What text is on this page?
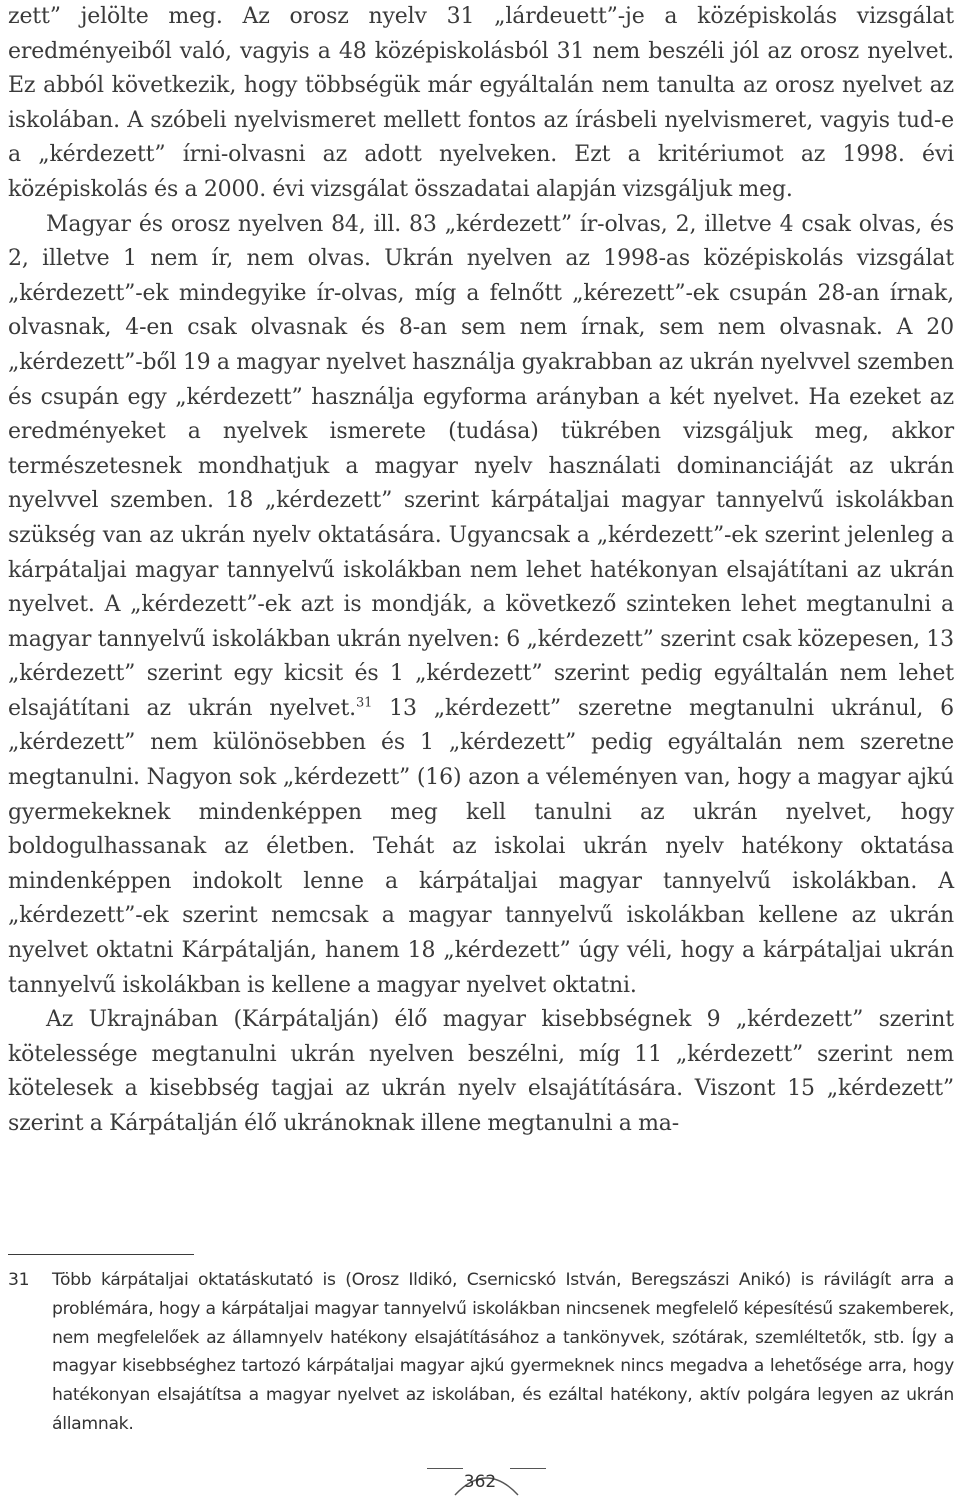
zett” jelölte meg. Az orosz nyelv 31 „lárdeuett”-je a középiskolás vizsgálat eredményeiből való, vagyis a 48 középiskolásból 31 nem beszéli jól az orosz nyelvet. Ez abból következik, hogy többségük már egyáltalán nem tanulta az orosz nyelvet az iskolában. A szóbeli nyelvismeret mellett fontos az írásbeli nyelvismeret, vagyis tud-e a „kérdezett” írni-olvasni az adott nyelveken. Ezt a kritériumot az 1998. évi középiskolás és a 2000. évi vizsgálat összadatai alapján vizsgáljuk meg.

Magyar és orosz nyelven 84, ill. 83 „kérdezett” ír-olvas, 2, illetve 4 csak olvas, és 2, illetve 1 nem ír, nem olvas. Ukrán nyelven az 1998-as középiskolás vizsgálat „kérdezett”-ek mindegyike ír-olvas, míg a felnőtt „kérezett”-ek csupán 28-an írnak, olvasnak, 4-en csak olvasnak és 8-an sem nem írnak, sem nem olvasnak. A 20 „kérdezett”-ből 19 a magyar nyelvet használja gyakrabban az ukrán nyelvvel szemben és csupán egy „kérdezett” használja egyforma arányban a két nyelvet. Ha ezeket az eredményeket a nyelvek ismerete (tudása) tükrében vizsgáljuk meg, akkor természetesnek mondhatjuk a magyar nyelv használati dominanciáját az ukrán nyelvvel szemben. 18 „kérdezett” szerint kárpátaljai magyar tannyelvű iskolákban szükség van az ukrán nyelv oktatására. Ugyancsak a „kérdezett”-ek szerint jelenleg a kárpátaljai magyar tannyelvű iskolákban nem lehet hatékonyan elsajátítani az ukrán nyelvet. A „kérdezett”-ek azt is mondják, a következő szinteken lehet megtanulni a magyar tannyelvű iskolákban ukrán nyelven: 6 „kérdezett” szerint csak közepesen, 13 „kérdezett” szerint egy kicsit és 1 „kérdezett” szerint pedig egyáltalán nem lehet elsajátítani az ukrán nyelvet.$^{31}$ 13 „kérdezett” szeretne megtanulni ukránul, 6 „kérdezett” nem különösebben és 1 „kérdezett” pedig egyáltalán nem szeretne megtanulni. Nagyon sok „kérdezett” (16) azon a véleményen van, hogy a magyar ajkú gyermekeknek mindenképpen meg kell tanulni az ukrán nyelvet, hogy boldogulhassanak az életben. Tehát az iskolai ukrán nyelv hatékony oktatása mindenképpen indokolt lenne a kárpátaljai magyar tannyelvű iskolákban. A „kérdezett”-ek szerint nemcsak a magyar tannyelvű iskolákban kellene az ukrán nyelvet oktatni Kárpátalján, hanem 18 „kérdezett” úgy véli, hogy a kárpátaljai ukrán tannyelvű iskolákban is kellene a magyar nyelvet oktatni.

Az Ukrajnában (Kárpátalján) élő magyar kisebbségnek 9 „kérdezett” szerint kötelessége megtanulni ukrán nyelven beszélni, míg 11 „kérdezett” szerint nem kötelesek a kisebbség tagjai az ukrán nyelv elsajátítására. Viszont 15 „kérdezett” szerint a Kárpátalján élő ukránoknak illene megtanulni a ma-

31	Több kárpátaljai oktatáskutató is (Orosz Ildikó, Csernicskó István, Beregszászi Anikó) is rávilágít arra a problémára, hogy a kárpátaljai magyar tannyelvű iskolákban nincsenek megfelelő képesítésű szakemberek, nem megfelelőek az államnyelv hatékony elsajátításához a tankönyvek, szótárak, szemléltetők, stb. Így a magyar kisebbséghez tartozó kárpátaljai magyar ajkú gyermeknek nincs megadva a lehetősége arra, hogy hatékonyan elsajátítsa a magyar nyelvet az iskolában, és ezáltal hatékony, aktív polgára legyen az ukrán államnak.
362
